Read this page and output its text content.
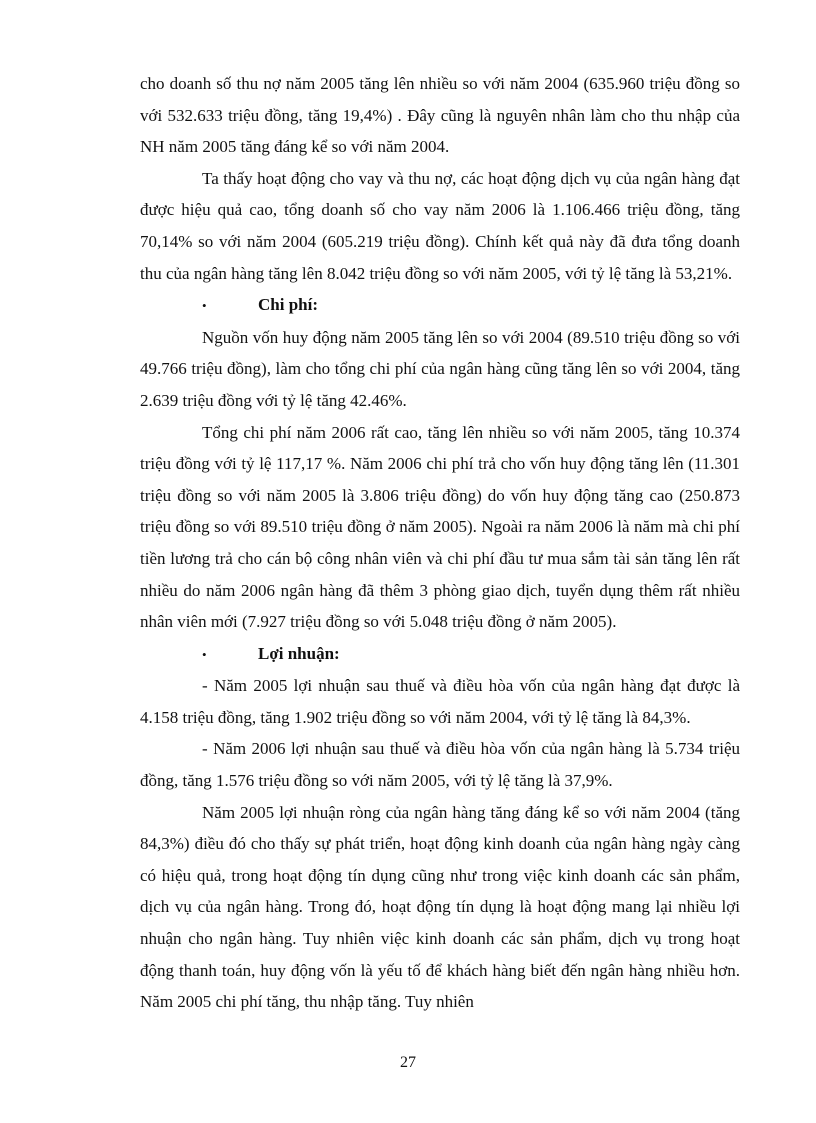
cho doanh số thu nợ năm 2005 tăng lên nhiều so với năm 2004 (635.960 triệu đồng so với 532.633 triệu đồng, tăng 19,4%) . Đây cũng là nguyên nhân làm cho thu nhập của NH năm 2005 tăng đáng kể so với năm 2004.

Ta thấy hoạt động cho vay và thu nợ, các hoạt động dịch vụ của ngân hàng đạt được hiệu quả cao, tổng doanh số cho vay năm 2006 là 1.106.466 triệu đồng, tăng 70,14% so với năm 2004 (605.219 triệu đồng). Chính kết quả này đã đưa tổng doanh thu của ngân hàng tăng lên 8.042 triệu đồng so với năm 2005, với tỷ lệ tăng là 53,21%.

•	Chi phí:

Nguồn vốn huy động năm 2005 tăng lên so với 2004 (89.510 triệu đồng so với 49.766 triệu đồng), làm cho tổng chi phí của ngân hàng cũng tăng lên so với 2004, tăng 2.639 triệu đồng với tỷ lệ tăng 42.46%.

Tổng chi phí năm 2006 rất cao, tăng lên nhiều so với năm 2005, tăng 10.374 triệu đồng với tỷ lệ 117,17 %. Năm 2006 chi phí trả cho vốn huy động tăng lên (11.301 triệu đồng so với năm 2005 là 3.806 triệu đồng) do vốn huy động tăng cao (250.873 triệu đồng so với 89.510 triệu đồng ở năm 2005). Ngoài ra năm 2006 là năm mà chi phí tiền lương trả cho cán bộ công nhân viên và chi phí đầu tư mua sắm tài sản tăng lên rất nhiều do năm 2006 ngân hàng đã thêm 3 phòng giao dịch, tuyển dụng thêm rất nhiều nhân viên mới (7.927 triệu đồng so với 5.048 triệu đồng ở năm 2005).

•	Lợi nhuận:

- Năm 2005 lợi nhuận sau thuế và điều hòa vốn của ngân hàng đạt được là 4.158 triệu đồng, tăng 1.902 triệu đồng so với năm 2004, với tỷ lệ tăng là 84,3%.

- Năm 2006 lợi nhuận sau thuế và điều hòa vốn của ngân hàng là 5.734 triệu đồng, tăng 1.576 triệu đồng so với năm 2005, với tỷ lệ tăng là 37,9%.

Năm 2005 lợi nhuận ròng của ngân hàng tăng đáng kể so với năm 2004 (tăng 84,3%) điều đó cho thấy sự phát triển, hoạt động kinh doanh của ngân hàng ngày càng có hiệu quả, trong hoạt động tín dụng cũng như trong việc kinh doanh các sản phẩm, dịch vụ của ngân hàng. Trong đó, hoạt động tín dụng là hoạt động mang lại nhiều lợi nhuận cho ngân hàng. Tuy nhiên việc kinh doanh các sản phẩm, dịch vụ trong hoạt động thanh toán, huy động vốn là yếu tố để khách hàng biết đến ngân hàng nhiều hơn. Năm 2005 chi phí tăng, thu nhập tăng. Tuy nhiên

27
